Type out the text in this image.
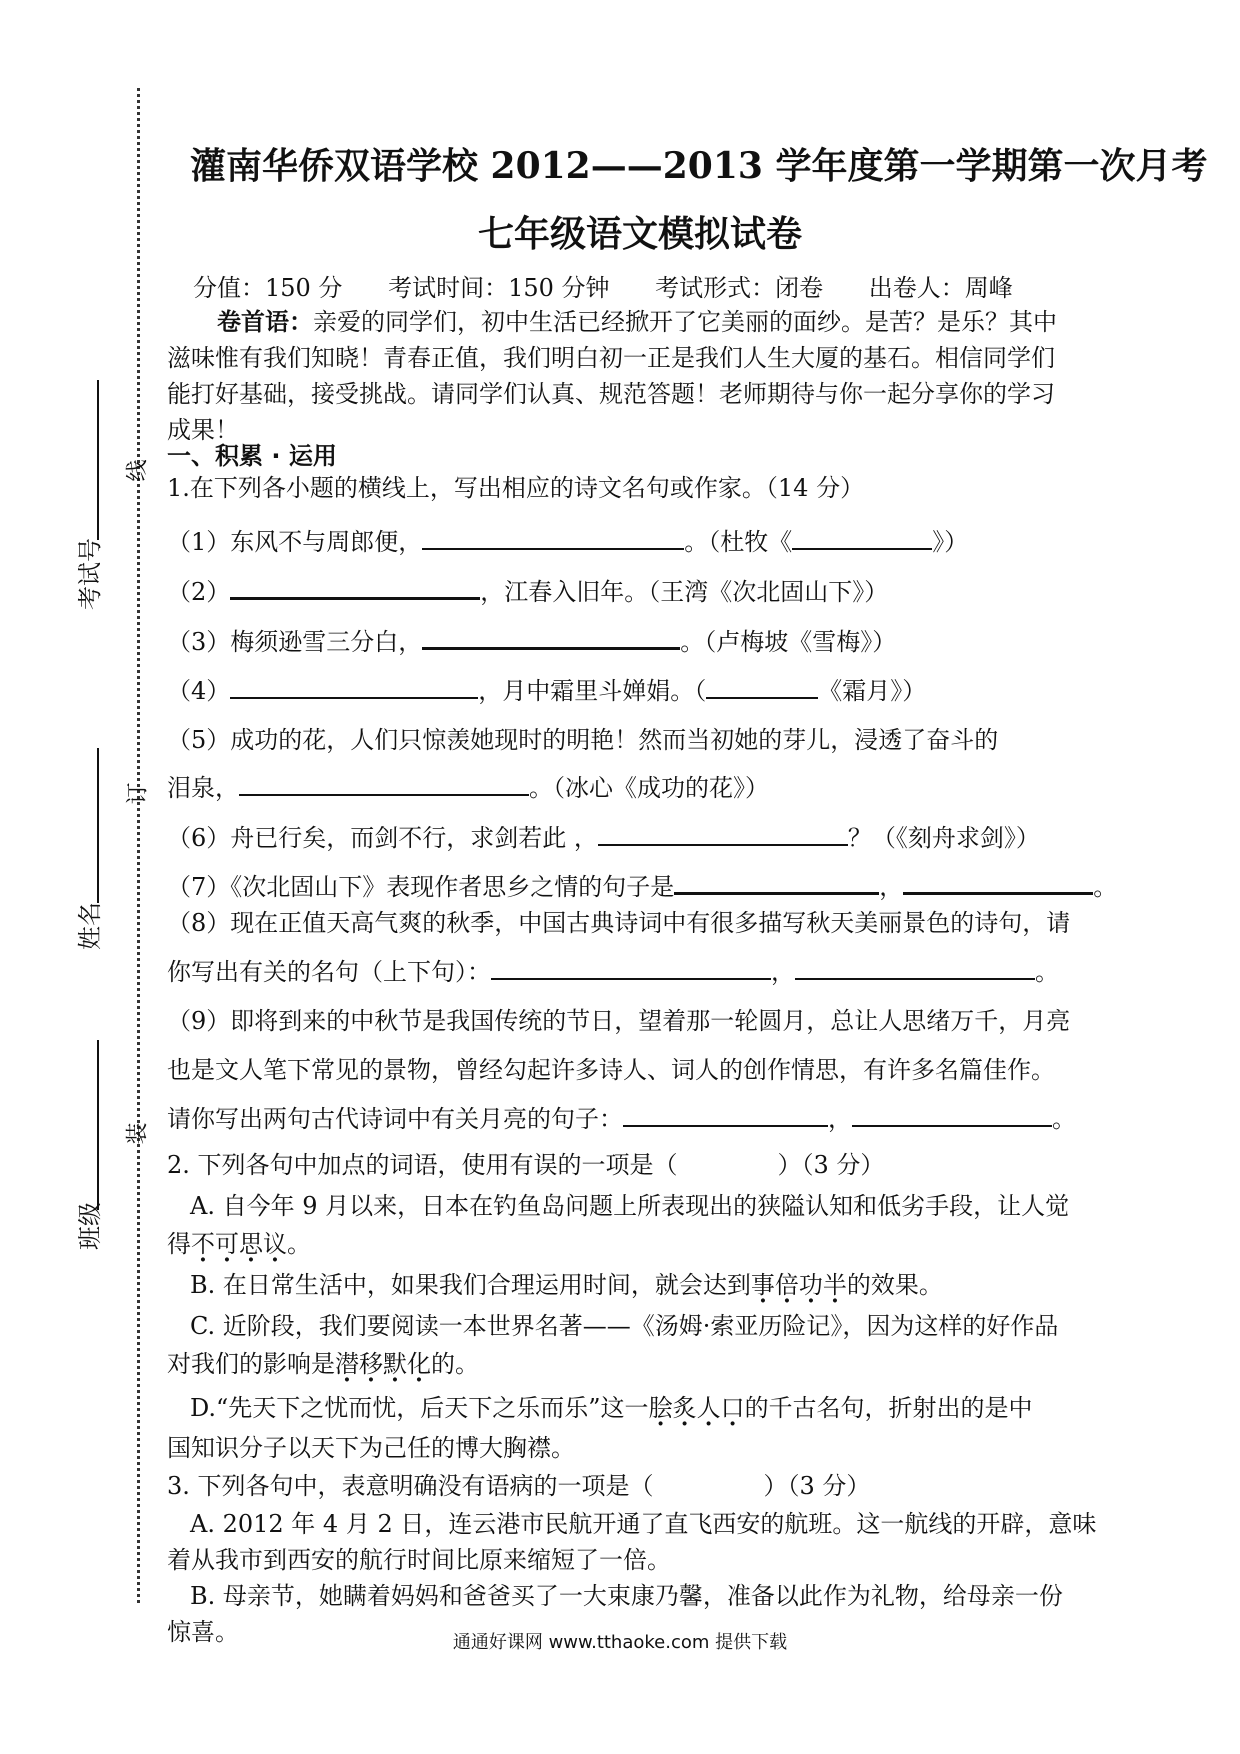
考试号
姓名
班级
线
订
装
灌南华侨双语学校 2012——2013 学年度第一学期第一次月考
七年级语文模拟试卷
分值：150 分 考试时间：150 分钟 考试形式：闭卷 出卷人：周峰
卷首语：亲爱的同学们，初中生活已经掀开了它美丽的面纱。是苦？是乐？其中
滋味惟有我们知晓！青春正值，我们明白初一正是我们人生大厦的基石。相信同学们
能打好基础，接受挑战。请同学们认真、规范答题！老师期待与你一起分享你的学习
成果！
一、积累 · 运用
1.在下列各小题的横线上，写出相应的诗文名句或作家。（14 分）
（1）东风不与周郎便，	。（杜牧《	》）
（2）	，江春入旧年。（王湾《次北固山下》）
（3）梅须逊雪三分白，	。（卢梅坡《雪梅》）
（4）	，月中霜里斗婵娟。（	《霜月》）
（5）成功的花，人们只惊羡她现时的明艳！然而当初她的芽儿，浸透了奋斗的
泪泉，	。（冰心《成功的花》）
（6）舟已行矣，而剑不行，求剑若此 ，	？（《刻舟求剑》）
（7）《次北固山下》表现作者思乡之情的句子是	，	。
（8）现在正值天高气爽的秋季，中国古典诗词中有很多描写秋天美丽景色的诗句，请
你写出有关的名句（上下句）：	，	。
（9）即将到来的中秋节是我国传统的节日，望着那一轮圆月，总让人思绪万千，月亮
也是文人笔下常见的景物，曾经勾起许多诗人、词人的创作情思，有许多名篇佳作。
请你写出两句古代诗词中有关月亮的句子：	，	。
2. 下列各句中加点的词语，使用有误的一项是（	）（3 分）
A. 自今年 9 月以来，日本在钓鱼岛问题上所表现出的狭隘认知和低劣手段，让人觉
得不可思议。
B. 在日常生活中，如果我们合理运用时间，就会达到事倍功半的效果。
C. 近阶段，我们要阅读一本世界名著——《汤姆·索亚历险记》，因为这样的好作品
对我们的影响是潜移默化的。
D.“先天下之忧而忧，后天下之乐而乐”这一脍炙人口的千古名句，折射出的是中
国知识分子以天下为己任的博大胸襟。
3. 下列各句中，表意明确没有语病的一项是（	）（3 分）
A. 2012 年 4 月 2 日，连云港市民航开通了直飞西安的航班。这一航线的开辟，意味
着从我市到西安的航行时间比原来缩短了一倍。
B. 母亲节，她瞒着妈妈和爸爸买了一大束康乃馨，准备以此作为礼物，给母亲一份
惊喜。	通通好课网 www.tthaoke.com 提供下载
